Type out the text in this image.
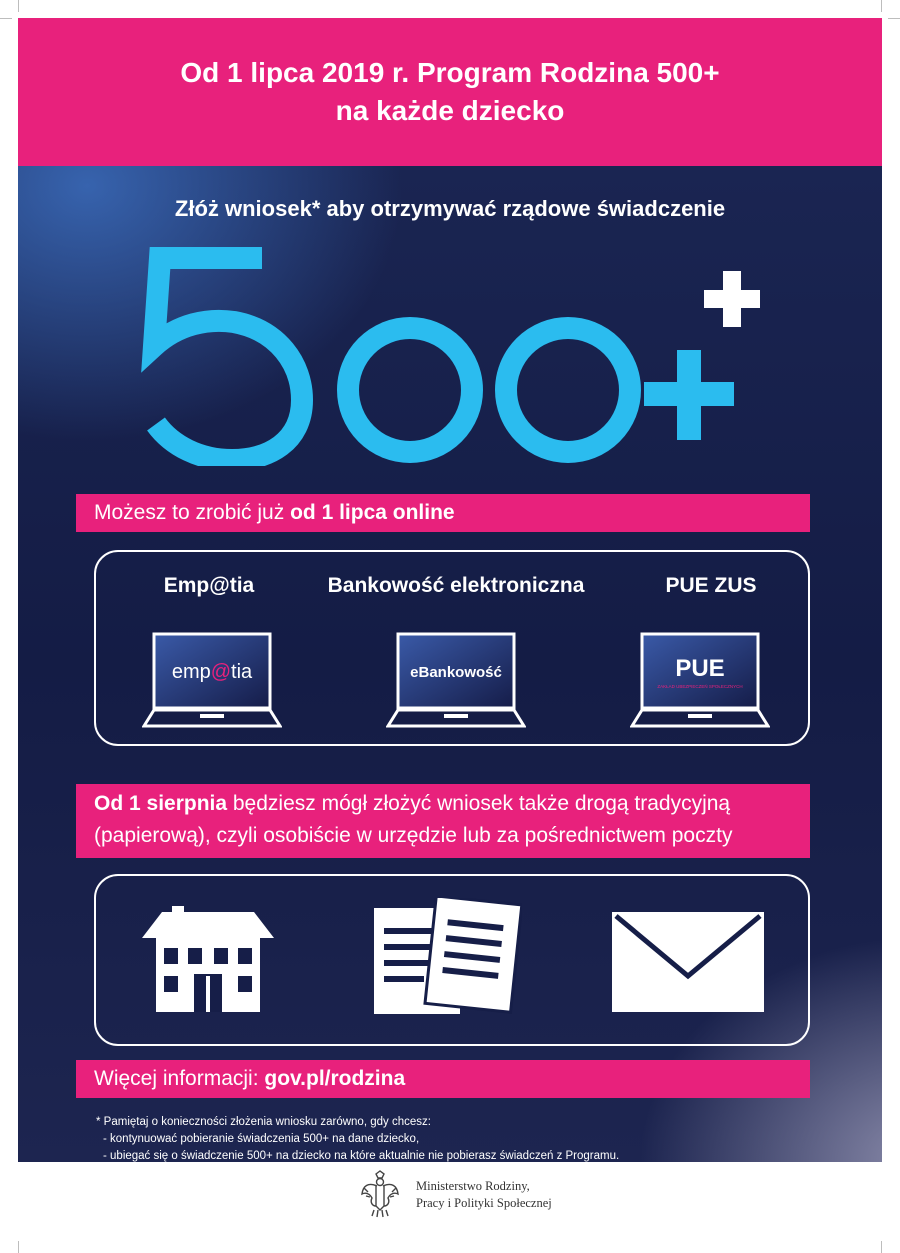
Od 1 lipca 2019 r. Program Rodzina 500+
na każde dziecko
Złóż wniosek* aby otrzymywać rządowe świadczenie
Możesz to zrobić już od 1 lipca online
Emp@tia
emp@tia
Bankowość elektroniczna
eBankowość
PUE ZUS
PUE
ZAKŁAD UBEZPIECZEŃ SPOŁECZNYCH
Od 1 sierpnia będziesz mógł złożyć wniosek także drogą tradycyjną
(papierową), czyli osobiście w urzędzie lub za pośrednictwem poczty
Więcej informacji: gov.pl/rodzina
* Pamiętaj o konieczności złożenia wniosku zarówno, gdy chcesz:
- kontynuować pobieranie świadczenia 500+ na dane dziecko,
- ubiegać się o świadczenie 500+ na dziecko na które aktualnie nie pobierasz świadczeń z Programu.
Ministerstwo Rodziny,
Pracy i Polityki Społecznej
